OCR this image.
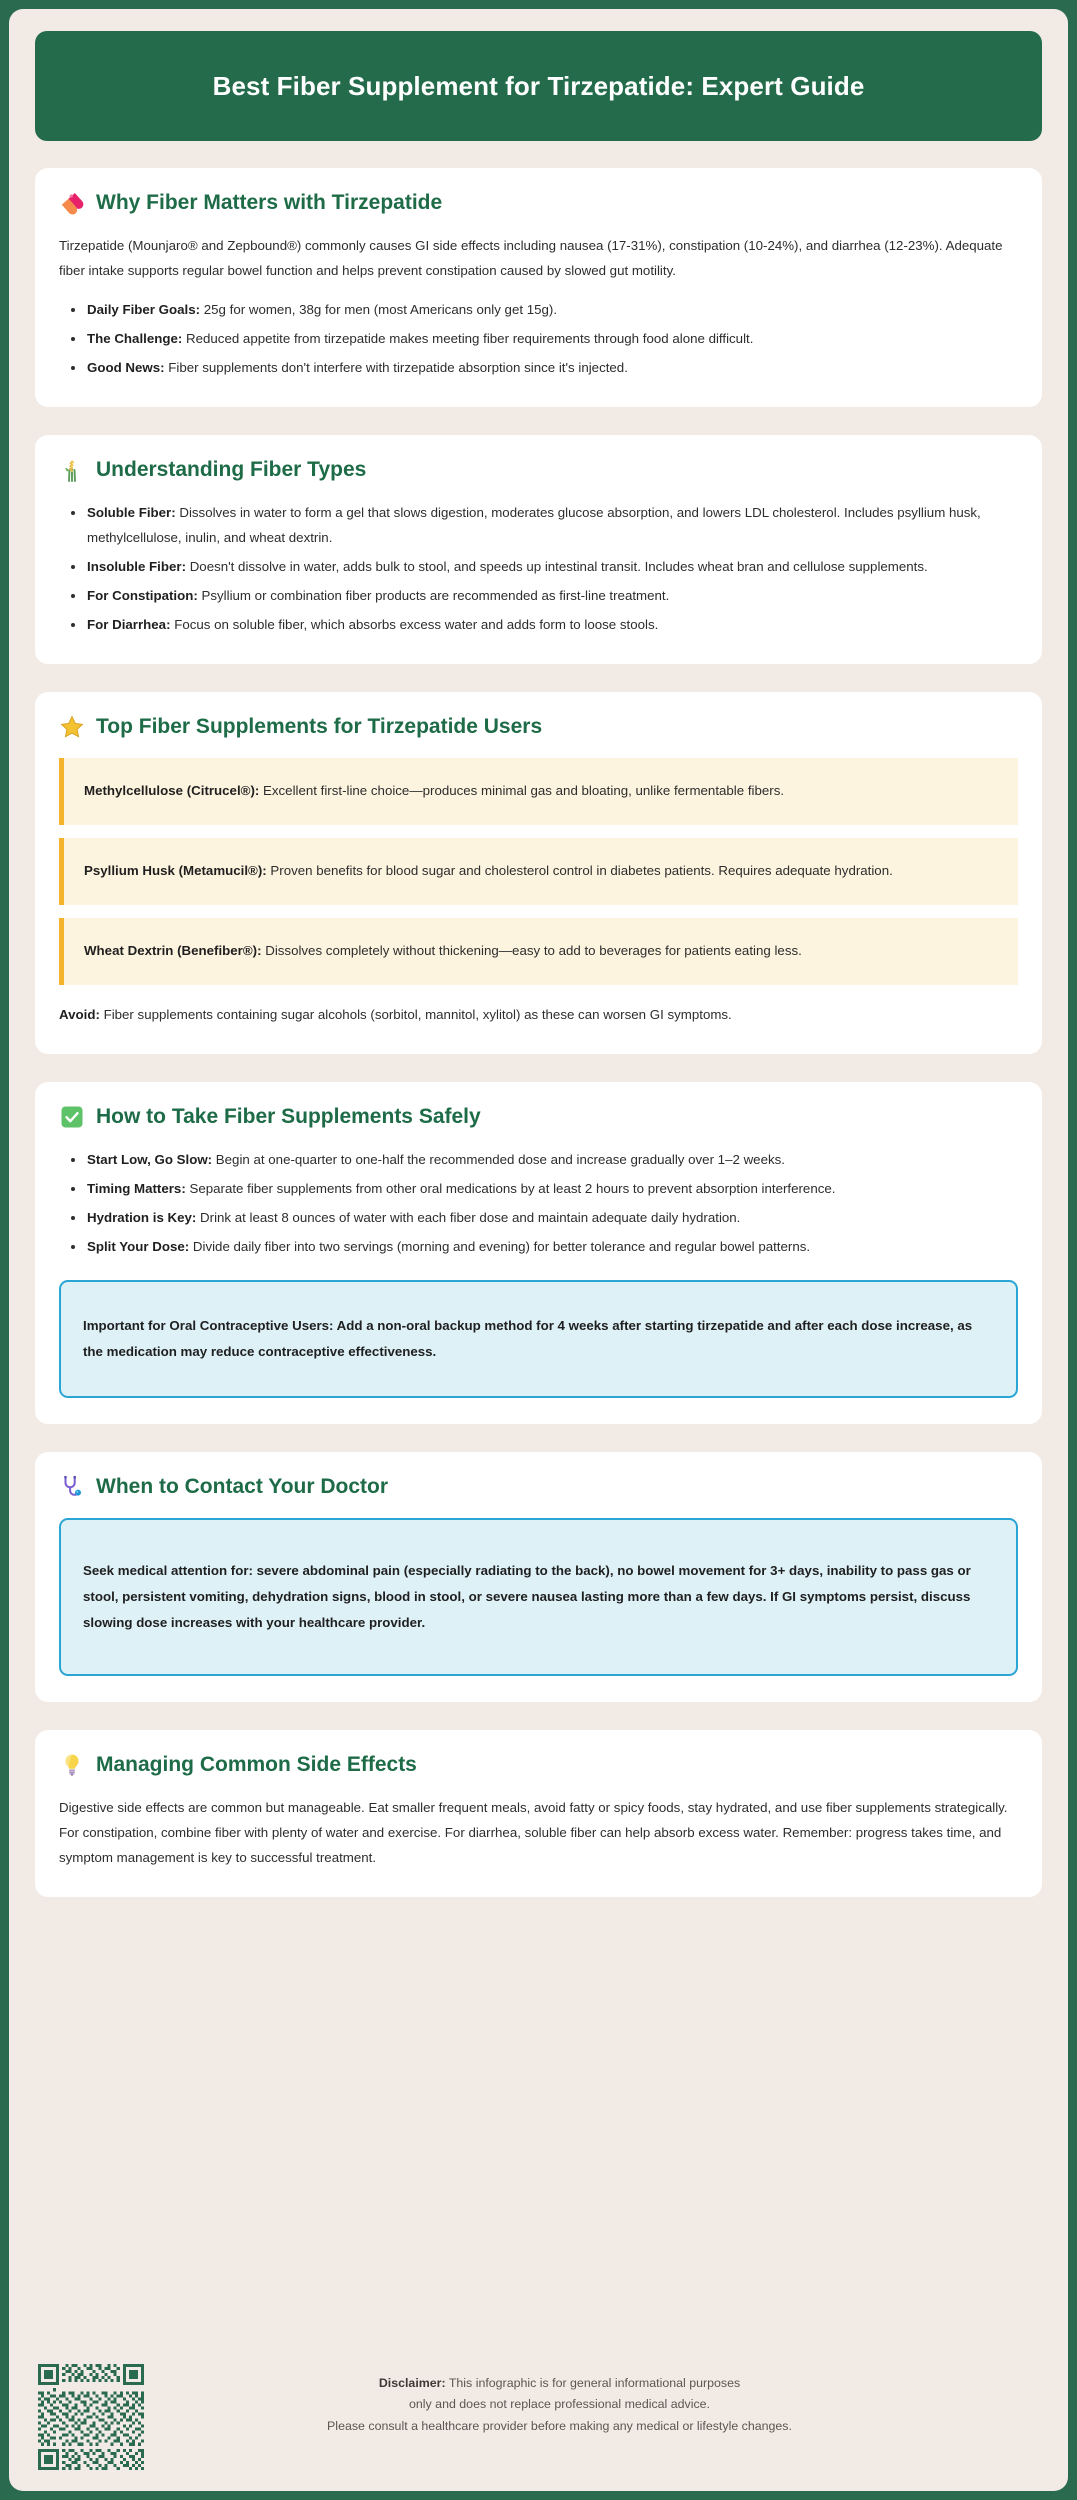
Best Fiber Supplement for Tirzepatide: Expert Guide
Why Fiber Matters with Tirzepatide

Tirzepatide (Mounjaro® and Zepbound®) commonly causes GI side effects including nausea (17-31%), constipation (10-24%), and diarrhea (12-23%). Adequate fiber intake supports regular bowel function and helps prevent constipation caused by slowed gut motility.

Daily Fiber Goals: 25g for women, 38g for men (most Americans only get 15g).
The Challenge: Reduced appetite from tirzepatide makes meeting fiber requirements through food alone difficult.
Good News: Fiber supplements don't interfere with tirzepatide absorption since it's injected.
Understanding Fiber Types
Soluble Fiber: Dissolves in water to form a gel that slows digestion, moderates glucose absorption, and lowers LDL cholesterol. Includes psyllium husk, methylcellulose, inulin, and wheat dextrin.
Insoluble Fiber: Doesn't dissolve in water, adds bulk to stool, and speeds up intestinal transit. Includes wheat bran and cellulose supplements.
For Constipation: Psyllium or combination fiber products are recommended as first-line treatment.
For Diarrhea: Focus on soluble fiber, which absorbs excess water and adds form to loose stools.
Top Fiber Supplements for Tirzepatide Users
Methylcellulose (Citrucel®): Excellent first-line choice—produces minimal gas and bloating, unlike fermentable fibers.
Psyllium Husk (Metamucil®): Proven benefits for blood sugar and cholesterol control in diabetes patients. Requires adequate hydration.
Wheat Dextrin (Benefiber®): Dissolves completely without thickening—easy to add to beverages for patients eating less.
Avoid: Fiber supplements containing sugar alcohols (sorbitol, mannitol, xylitol) as these can worsen GI symptoms.
How to Take Fiber Supplements Safely
Start Low, Go Slow: Begin at one-quarter to one-half the recommended dose and increase gradually over 1–2 weeks.
Timing Matters: Separate fiber supplements from other oral medications by at least 2 hours to prevent absorption interference.
Hydration is Key: Drink at least 8 ounces of water with each fiber dose and maintain adequate daily hydration.
Split Your Dose: Divide daily fiber into two servings (morning and evening) for better tolerance and regular bowel patterns.
Important for Oral Contraceptive Users: Add a non-oral backup method for 4 weeks after starting tirzepatide and after each dose increase, as the medication may reduce contraceptive effectiveness.
When to Contact Your Doctor
Seek medical attention for: severe abdominal pain (especially radiating to the back), no bowel movement for 3+ days, inability to pass gas or stool, persistent vomiting, dehydration signs, blood in stool, or severe nausea lasting more than a few days. If GI symptoms persist, discuss slowing dose increases with your healthcare provider.
Managing Common Side Effects

Digestive side effects are common but manageable. Eat smaller frequent meals, avoid fatty or spicy foods, stay hydrated, and use fiber supplements strategically. For constipation, combine fiber with plenty of water and exercise. For diarrhea, soluble fiber can help absorb excess water. Remember: progress takes time, and symptom management is key to successful treatment.

Disclaimer: This infographic is for general informational purposes
only and does not replace professional medical advice.
Please consult a healthcare provider before making any medical or lifestyle changes.
